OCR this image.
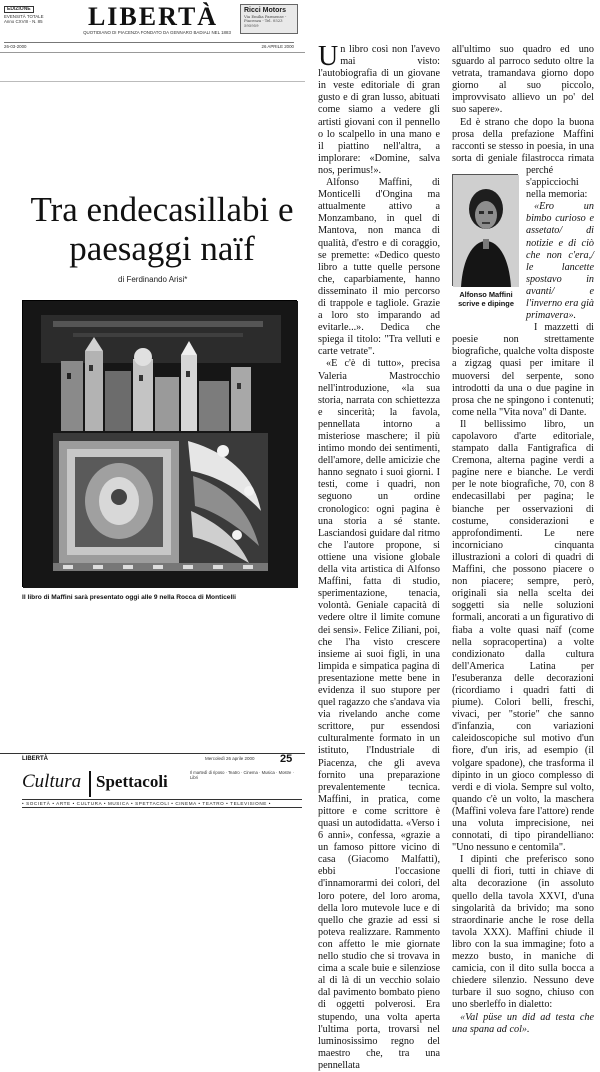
EDIZIONE
EVENSITÀ TOTALE
Anno CXVIII - N. 85	LIBERTÀ
QUOTIDIANO DI PIACENZA FONDATO DA GENNARO BADIALI NEL 1883
Ricci Motors
Via Emilia Parmense - Piacenza - Tel. 0523 595959
26-03-2000	26 APRILE 2000
Tra endecasillabi e paesaggi naïf
di Ferdinando Arisi*
Il libro di Maffini sarà presentato oggi alle 9 nella Rocca di Monticelli
LIBERTÀ	Mercoledì 26 aprile 2000 25
Cultura Spettacoli	Il martedì di riposo · Teatro · Cinema · Musica · Mostre · Libri
• SOCIETÀ • ARTE • CULTURA • MUSICA • SPETTACOLI • CINEMA • TEATRO • TELEVISIONE •

Un libro così non l'avevo mai visto: l'autobiografia di un giovane in veste editoriale di gran gusto e di gran lusso, abituati come siamo a vedere gli artisti giovani con il pennello o lo scalpello in una mano e il piattino nell'altra, a implorare: «Domine, salva nos, perimus!».

Alfonso Maffini, di Monticelli d'Ongina ma attualmente attivo a Monzambano, in quel di Mantova, non manca di qualità, d'estro e di coraggio, se premette: «Dedico questo libro a tutte quelle persone che, caparbiamente, hanno disseminato il mio percorso di trappole e tagliole. Grazie a loro sto imparando ad evitarle...». Dedica che spiega il titolo: "Tra velluti e carte vetrate".

«E c'è di tutto», precisa Valeria Mastrocchio nell'introduzione, «la sua storia, narrata con schiettezza e sincerità; la favola, pennellata intorno a misteriose maschere; il più intimo mondo dei sentimenti, dell'amore, delle amicizie che hanno segnato i suoi giorni. I testi, come i quadri, non seguono un ordine cronologico: ogni pagina è una storia a sé stante. Lasciandosi guidare dal ritmo che l'autore propone, si ottiene una visione globale della vita artistica di Alfonso Maffini, fatta di studio, sperimentazione, tenacia, volontà. Geniale capacità di vedere oltre il limite comune dei sensi». Felice Ziliani, poi, che l'ha visto crescere insieme ai suoi figli, in una limpida e simpatica pagina di presentazione mette bene in evidenza il suo stupore per quel ragazzo che s'andava via via rivelando anche come scrittore, pur essendosi culturalmente formato in un istituto, l'Industriale di Piacenza, che gli aveva fornito una preparazione prevalentemente tecnica. Maffini, in pratica, come pittore e come scrittore è quasi un autodidatta. «Verso i 6 anni», confessa, «grazie a un famoso pittore vicino di casa (Giacomo Malfatti), ebbi l'occasione d'innamorarmi dei colori, del loro potere, del loro aroma, della loro mutevole luce e di quello che grazie ad essi si poteva realizzare. Rammento con affetto le mie giornate nello studio che si trovava in cima a scale buie e silenziose al di là di un vecchio solaio dal pavimento bombato pieno di oggetti polverosi. Era stupendo, una volta aperta l'ultima porta, trovarsi nel luminosissimo regno del maestro che, tra una pennellata

Alfonso Maffini scrive e dipinge

all'ultimo suo quadro ed uno sguardo al parroco seduto oltre la vetrata, tramandava giorno dopo giorno al suo piccolo, improvvisato allievo un po' del suo sapere».

Ed è strano che dopo la buona prosa della prefazione Maffini racconti se stesso in poesia, in una sorta di geniale filastrocca rimata perché s'appicciochi nella memoria:

«Ero un bimbo curioso e assetato/ di notizie e di ciò che non c'era,/ le lancette spostavo in avanti/ e l'inverno era già primavera».

I mazzetti di poesie non strettamente biografiche, qualche volta disposte a zigzag quasi per imitare il muoversi del serpente, sono introdotti da una o due pagine in prosa che ne spingono i contenuti; come nella "Vita nova" di Dante.

Il bellissimo libro, un capolavoro d'arte editoriale, stampato dalla Fantigrafica di Cremona, alterna pagine verdi a pagine nere e bianche. Le verdi per le note biografiche, 70, con 8 endecasillabi per pagina; le bianche per osservazioni di costume, considerazioni e approfondimenti. Le nere incorniciano cinquanta illustrazioni a colori di quadri di Maffini, che possono piacere o non piacere; sempre, però, originali sia nella scelta dei soggetti sia nelle soluzioni formali, ancorati a un figurativo di fiaba a volte quasi naïf (come nella sopracopertina) a volte condizionato dalla cultura dell'America Latina per l'esuberanza delle decorazioni (ricordiamo i quadri fatti di piume). Colori belli, freschi, vivaci, per "storie" che sanno d'infanzia, con variazioni caleidoscopiche sul motivo d'un fiore, d'un iris, ad esempio (il volgare spadone), che trasforma il dipinto in un gioco complesso di verdi e di viola. Sempre sul volto, quando c'è un volto, la maschera (Maffini voleva fare l'attore) rende una voluta imprecisione, nei connotati, di tipo pirandelliano: "Uno nessuno e centomila".

I dipinti che preferisco sono quelli di fiori, tutti in chiave di alta decorazione (in assoluto quello della tavola XXVI, d'una singolarità da brivido; ma sono straordinarie anche le rose della tavola XXX). Maffini chiude il libro con la sua immagine; foto a mezzo busto, in maniche di camicia, con il dito sulla bocca a chiedere silenzio. Nessuno deve turbare il suo sogno, chiuso con uno sberleffo in dialetto:

«Val püse un did ad testa che una spana ad col».
